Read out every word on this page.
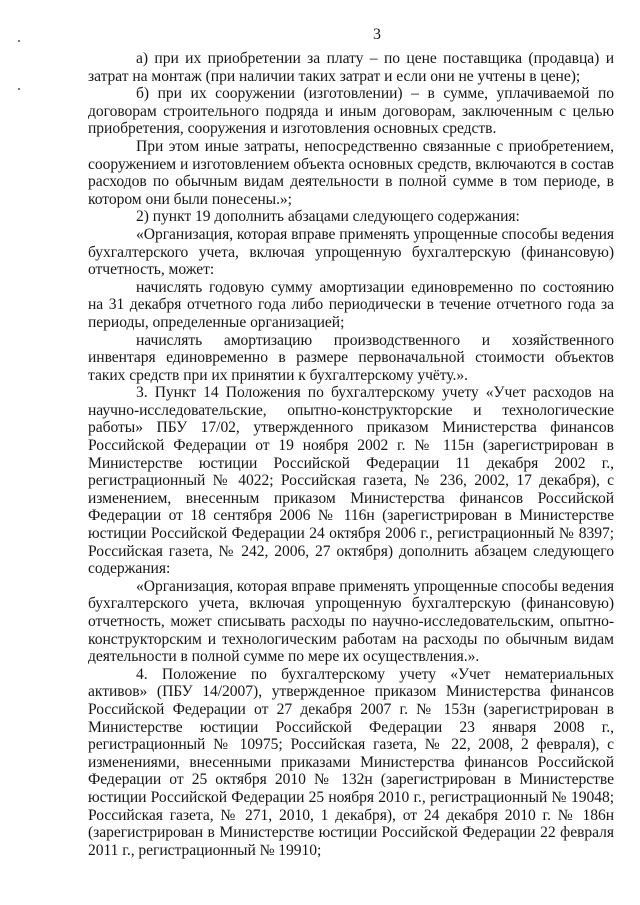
3

а) при их приобретении за плату – по цене поставщика (продавца) и затрат на монтаж (при наличии таких затрат и если они не учтены в цене);

б) при их сооружении (изготовлении) – в сумме, уплачиваемой по договорам строительного подряда и иным договорам, заключенным с целью приобретения, сооружения и изготовления основных средств.

При этом иные затраты, непосредственно связанные с приобретением, сооружением и изготовлением объекта основных средств, включаются в состав расходов по обычным видам деятельности в полной сумме в том периоде, в котором они были понесены.»;

2) пункт 19 дополнить абзацами следующего содержания:

«Организация, которая вправе применять упрощенные способы ведения бухгалтерского учета, включая упрощенную бухгалтерскую (финансовую) отчетность, может:

начислять годовую сумму амортизации единовременно по состоянию на 31 декабря отчетного года либо периодически в течение отчетного года за периоды, определенные организацией;

начислять амортизацию производственного и хозяйственного инвентаря единовременно в размере первоначальной стоимости объектов таких средств при их принятии к бухгалтерскому учёту.».

3. Пункт 14 Положения по бухгалтерскому учету «Учет расходов на научно-исследовательские, опытно-конструкторские и технологические работы» ПБУ 17/02, утвержденного приказом Министерства финансов Российской Федерации от 19 ноября 2002 г. № 115н (зарегистрирован в Министерстве юстиции Российской Федерации 11 декабря 2002 г., регистрационный № 4022; Российская газета, № 236, 2002, 17 декабря), с изменением, внесенным приказом Министерства финансов Российской Федерации от 18 сентября 2006 № 116н (зарегистрирован в Министерстве юстиции Российской Федерации 24 октября 2006 г., регистрационный № 8397; Российская газета, № 242, 2006, 27 октября) дополнить абзацем следующего содержания:

«Организация, которая вправе применять упрощенные способы ведения бухгалтерского учета, включая упрощенную бухгалтерскую (финансовую) отчетность, может списывать расходы по научно-исследовательским, опытно-конструкторским и технологическим работам на расходы по обычным видам деятельности в полной сумме по мере их осуществления.».

4. Положение по бухгалтерскому учету «Учет нематериальных активов» (ПБУ 14/2007), утвержденное приказом Министерства финансов Российской Федерации от 27 декабря 2007 г. № 153н (зарегистрирован в Министерстве юстиции Российской Федерации 23 января 2008 г., регистрационный № 10975; Российская газета, № 22, 2008, 2 февраля), с изменениями, внесенными приказами Министерства финансов Российской Федерации от 25 октября 2010 № 132н (зарегистрирован в Министерстве юстиции Российской Федерации 25 ноября 2010 г., регистрационный № 19048; Российская газета, № 271, 2010, 1 декабря), от 24 декабря 2010 г. № 186н (зарегистрирован в Министерстве юстиции Российской Федерации 22 февраля 2011 г., регистрационный № 19910;
